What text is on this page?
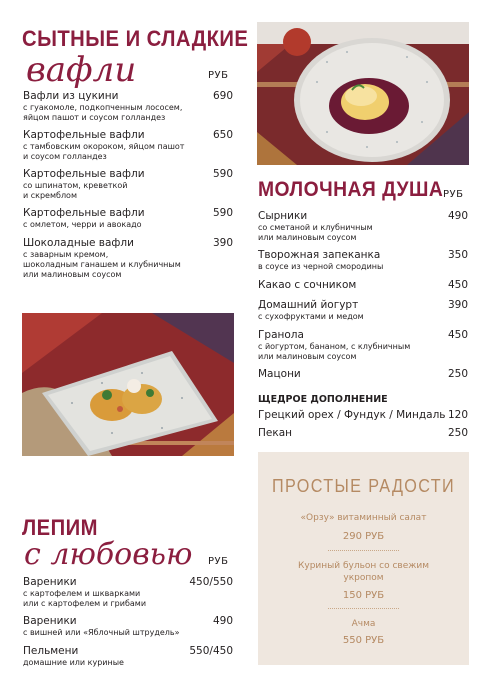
СЫТНЫЕ И СЛАДКИЕ
вафли	РУБ
Вафли из цукини
с гуакомоле, подкопченным лососем,
яйцом пашот и соусом голландез
690
Картофельные вафли
с тамбовским окороком, яйцом пашот
и соусом голландез
650
Картофельные вафли
со шпинатом, креветкой
и скрембл​ом
590
Картофельные вафли
с омлетом, черри и авокадо
590
Шоколадные вафли
с заварным кремом,
шоколадным ганашем и клубничным
или малиновым соусом
390
МОЛОЧНАЯ ДУША РУБ
Сырники
со сметаной и клубничным
или малиновым соусом
490
Творожная запеканка
в соусе из черной смородины
350
Какао с сочником	450
Домашний йогурт
с сухофруктами и медом
390
Гранола
с йогуртом, бананом, с клубничным
или малиновым соусом
450
Мацони	250
ЩЕДРОЕ ДОПОЛНЕНИЕ
Грецкий орех / Фундук / Миндаль 120
Пекан	250
ЛЕПИМ
с любовью РУБ
Вареники
с картофелем и шкварками
или с картофелем и грибами
450/550
Вареники
с вишней или «Яблочный штрудель»
490
Пельмени
домашние или куриные
550/450
ПРОСТЫЕ РАДОСТИ
«Орзу» витаминный салат
290 РУБ
Куриный бульон со свежим
укропом
150 РУБ
Ачма
550 РУБ
